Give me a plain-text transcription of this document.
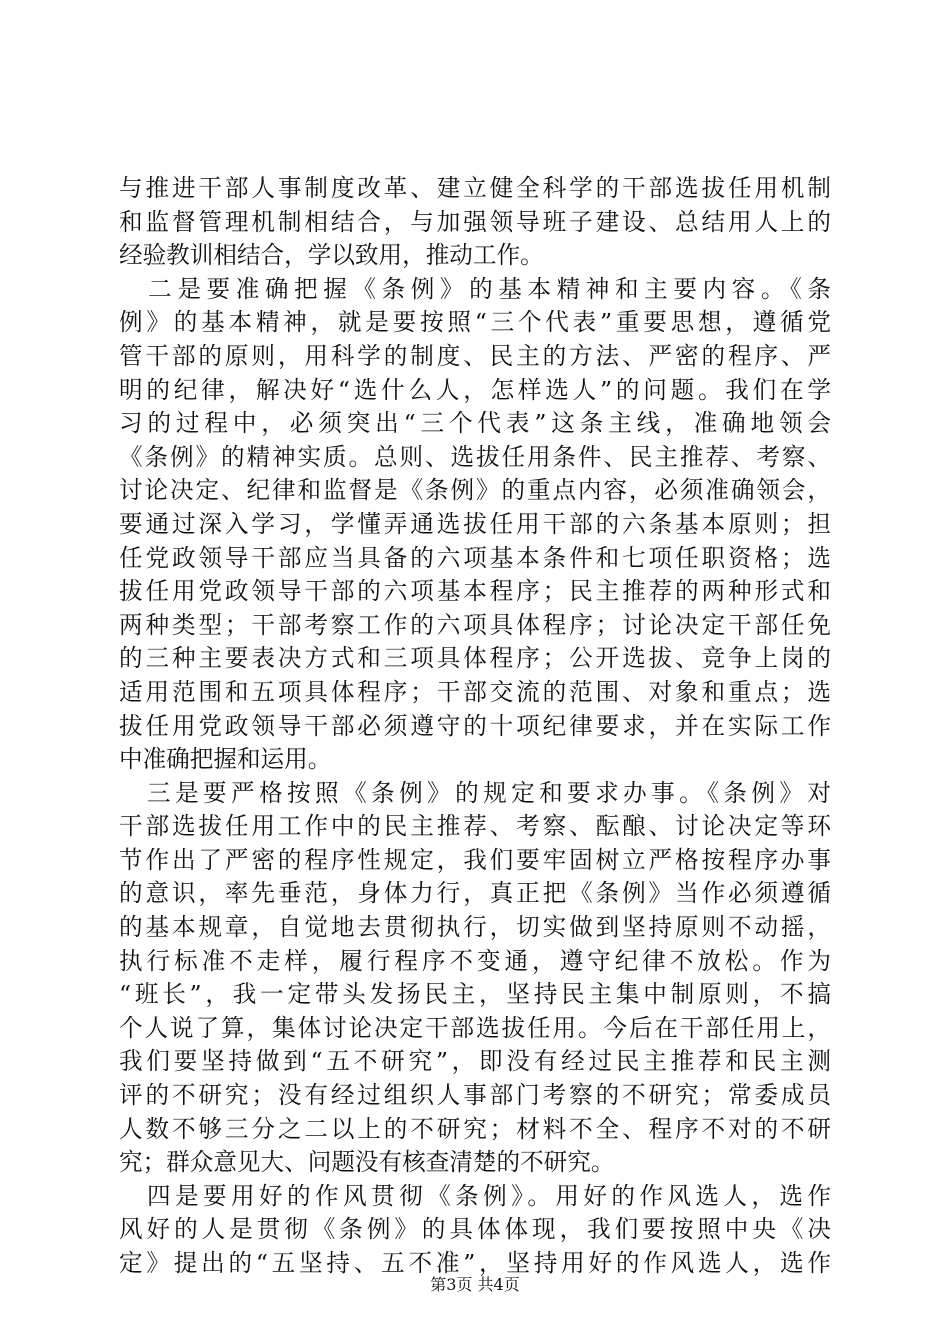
与推进干部人事制度改革、建立健全科学的干部选拔任用机制
和监督管理机制相结合，与加强领导班子建设、总结用人上的
经验教训相结合，学以致用，推动工作。
　二是要准确把握《条例》的基本精神和主要内容。《条
例》的基本精神，就是要按照“三个代表”重要思想，遵循党
管干部的原则，用科学的制度、民主的方法、严密的程序、严
明的纪律，解决好“选什么人，怎样选人”的问题。我们在学
习的过程中，必须突出“三个代表”这条主线，准确地领会
《条例》的精神实质。总则、选拔任用条件、民主推荐、考察、
讨论决定、纪律和监督是《条例》的重点内容，必须准确领会，
要通过深入学习，学懂弄通选拔任用干部的六条基本原则；担
任党政领导干部应当具备的六项基本条件和七项任职资格；选
拔任用党政领导干部的六项基本程序；民主推荐的两种形式和
两种类型；干部考察工作的六项具体程序；讨论决定干部任免
的三种主要表决方式和三项具体程序；公开选拔、竞争上岗的
适用范围和五项具体程序；干部交流的范围、对象和重点；选
拔任用党政领导干部必须遵守的十项纪律要求，并在实际工作
中准确把握和运用。
　三是要严格按照《条例》的规定和要求办事。《条例》对
干部选拔任用工作中的民主推荐、考察、酝酿、讨论决定等环
节作出了严密的程序性规定，我们要牢固树立严格按程序办事
的意识，率先垂范，身体力行，真正把《条例》当作必须遵循
的基本规章，自觉地去贯彻执行，切实做到坚持原则不动摇，
执行标准不走样，履行程序不变通，遵守纪律不放松。作为
“班长”，我一定带头发扬民主，坚持民主集中制原则，不搞
个人说了算，集体讨论决定干部选拔任用。今后在干部任用上，
我们要坚持做到“五不研究”，即没有经过民主推荐和民主测
评的不研究；没有经过组织人事部门考察的不研究；常委成员
人数不够三分之二以上的不研究；材料不全、程序不对的不研
究；群众意见大、问题没有核查清楚的不研究。
　四是要用好的作风贯彻《条例》。用好的作风选人，选作
风好的人是贯彻《条例》的具体体现，我们要按照中央《决
定》提出的“五坚持、五不准”，坚持用好的作风选人，选作
第3页 共4页
